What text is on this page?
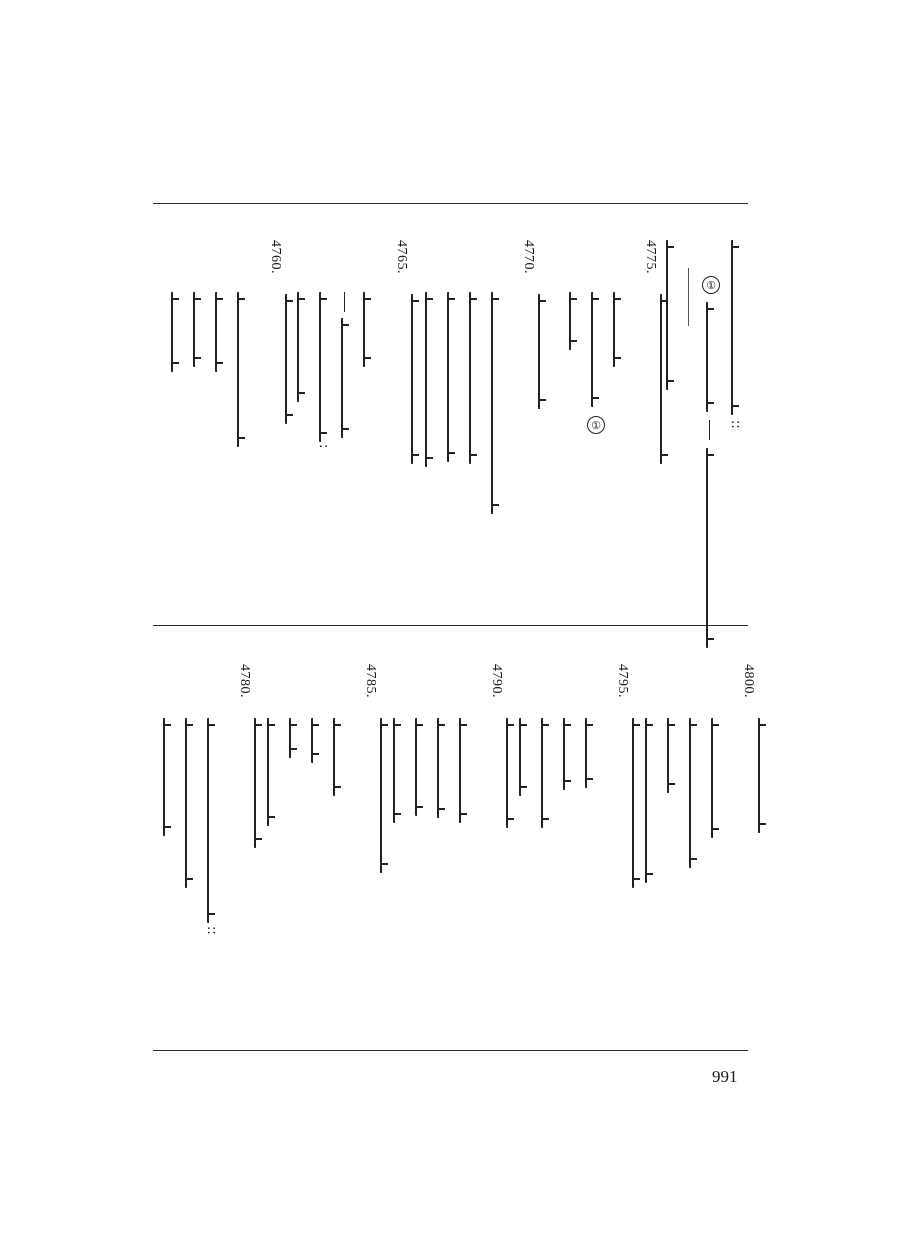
::
①
4775.
①
4770.
4765.
:
4760.
4800.
4795.
4790.
4785.
4780.
::
991
